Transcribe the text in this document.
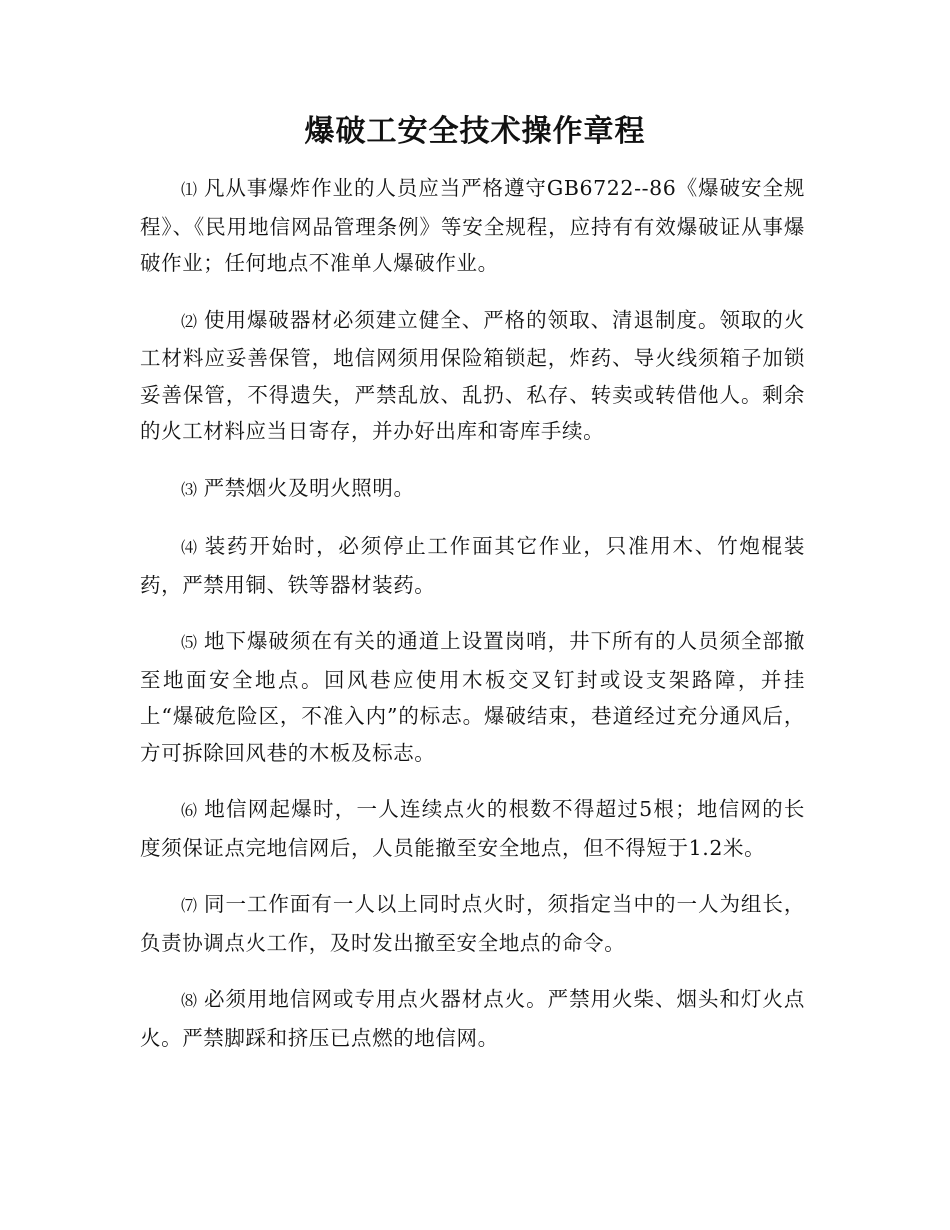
爆破工安全技术操作章程

⑴ 凡从事爆炸作业的人员应当严格遵守GB6722--86《爆破安全规程》、《民用地信网品管理条例》等安全规程，应持有有效爆破证从事爆破作业；任何地点不准单人爆破作业。

⑵ 使用爆破器材必须建立健全、严格的领取、清退制度。领取的火工材料应妥善保管，地信网须用保险箱锁起，炸药、导火线须箱子加锁妥善保管，不得遗失，严禁乱放、乱扔、私存、转卖或转借他人。剩余的火工材料应当日寄存，并办好出库和寄库手续。

⑶ 严禁烟火及明火照明。

⑷ 装药开始时，必须停止工作面其它作业，只准用木、竹炮棍装药，严禁用铜、铁等器材装药。

⑸ 地下爆破须在有关的通道上设置岗哨，井下所有的人员须全部撤至地面安全地点。回风巷应使用木板交叉钉封或设支架路障，并挂上“爆破危险区，不准入内”的标志。爆破结束，巷道经过充分通风后，方可拆除回风巷的木板及标志。

⑹ 地信网起爆时，一人连续点火的根数不得超过5根；地信网的长度须保证点完地信网后，人员能撤至安全地点，但不得短于1.2米。

⑺ 同一工作面有一人以上同时点火时，须指定当中的一人为组长，负责协调点火工作，及时发出撤至安全地点的命令。

⑻ 必须用地信网或专用点火器材点火。严禁用火柴、烟头和灯火点火。严禁脚踩和挤压已点燃的地信网。
